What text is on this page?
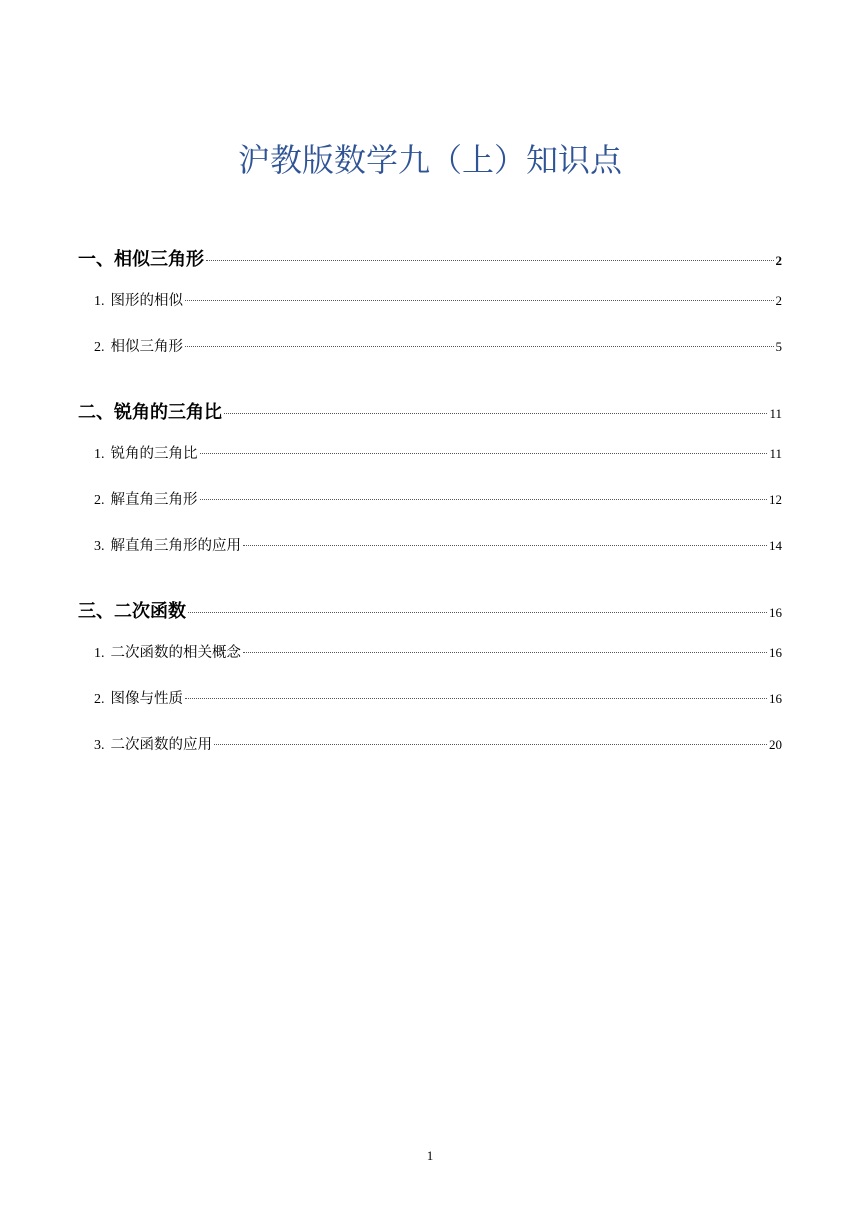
沪教版数学九（上）知识点
一、相似三角形	2
1. 图形的相似	2
2. 相似三角形	5
二、锐角的三角比	11
1. 锐角的三角比	11
2. 解直角三角形	12
3. 解直角三角形的应用	14
三、二次函数	16
1. 二次函数的相关概念	16
2. 图像与性质	16
3. 二次函数的应用	20
1
